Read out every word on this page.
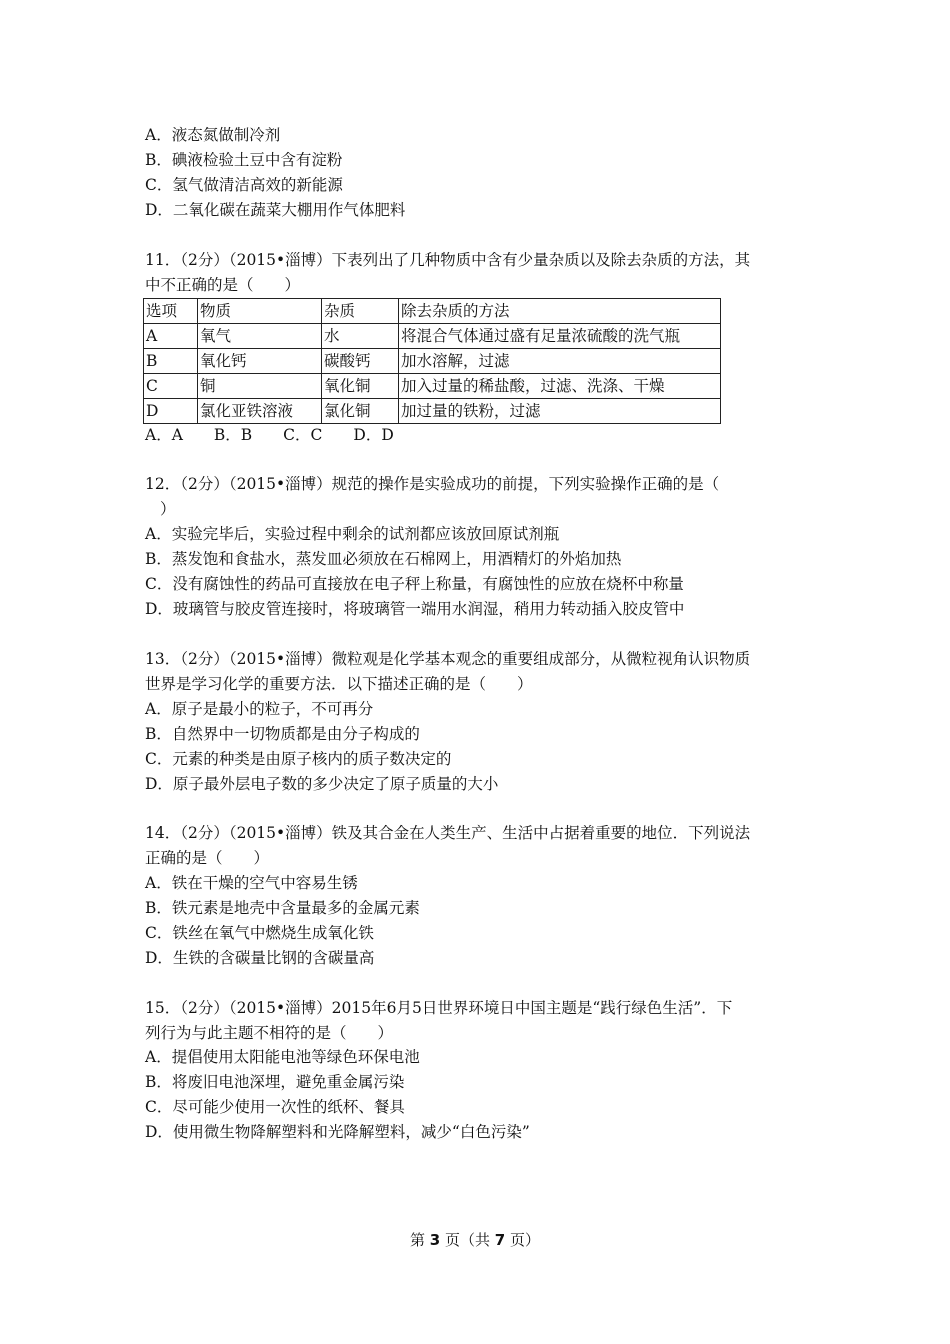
A．液态氮做制冷剂
B．碘液检验土豆中含有淀粉
C．氢气做清洁高效的新能源
D．二氧化碳在蔬菜大棚用作气体肥料
11．（2分）（2015•淄博）下表列出了几种物质中含有少量杂质以及除去杂质的方法，其
中不正确的是（　　）
选项	物质	杂质	除去杂质的方法
A	氧气	水	将混合气体通过盛有足量浓硫酸的洗气瓶
B	氧化钙	碳酸钙	加水溶解，过滤
C	铜	氧化铜	加入过量的稀盐酸，过滤、洗涤、干燥
D	氯化亚铁溶液	氯化铜	加过量的铁粉，过滤
A．A　　B．B　　C．C　　D．D
12．（2分）（2015•淄博）规范的操作是实验成功的前提，下列实验操作正确的是（
）
A．实验完毕后，实验过程中剩余的试剂都应该放回原试剂瓶
B．蒸发饱和食盐水，蒸发皿必须放在石棉网上，用酒精灯的外焰加热
C．没有腐蚀性的药品可直接放在电子秤上称量，有腐蚀性的应放在烧杯中称量
D．玻璃管与胶皮管连接时，将玻璃管一端用水润湿，稍用力转动插入胶皮管中
13．（2分）（2015•淄博）微粒观是化学基本观念的重要组成部分，从微粒视角认识物质
世界是学习化学的重要方法．以下描述正确的是（　　）
A．原子是最小的粒子，不可再分
B．自然界中一切物质都是由分子构成的
C．元素的种类是由原子核内的质子数决定的
D．原子最外层电子数的多少决定了原子质量的大小
14．（2分）（2015•淄博）铁及其合金在人类生产、生活中占据着重要的地位．下列说法
正确的是（　　）
A．铁在干燥的空气中容易生锈
B．铁元素是地壳中含量最多的金属元素
C．铁丝在氧气中燃烧生成氧化铁
D．生铁的含碳量比钢的含碳量高
15．（2分）（2015•淄博）2015年6月5日世界环境日中国主题是“践行绿色生活”．下
列行为与此主题不相符的是（　　）
A．提倡使用太阳能电池等绿色环保电池
B．将废旧电池深埋，避免重金属污染
C．尽可能少使用一次性的纸杯、餐具
D．使用微生物降解塑料和光降解塑料，减少“白色污染”
第 3 页（共 7 页）
